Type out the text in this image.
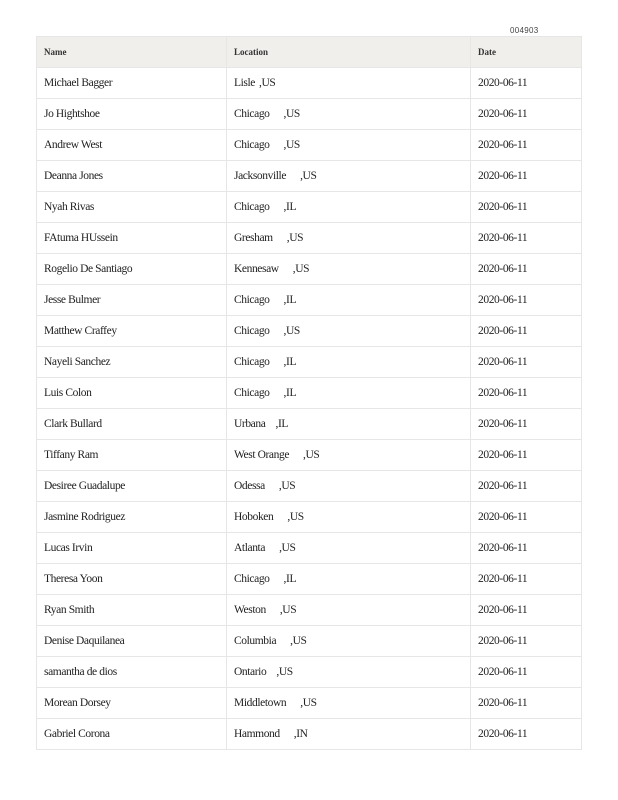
004903
Name	Location	Date
Michael Bagger	Lisle ,US	2020-06-11
Jo Hightshoe	Chicago ,US	2020-06-11
Andrew West	Chicago ,US	2020-06-11
Deanna Jones	Jacksonville ,US	2020-06-11
Nyah Rivas	Chicago ,IL	2020-06-11
FAtuma HUssein	Gresham ,US	2020-06-11
Rogelio De Santiago	Kennesaw ,US	2020-06-11
Jesse Bulmer	Chicago ,IL	2020-06-11
Matthew Craffey	Chicago ,US	2020-06-11
Nayeli Sanchez	Chicago ,IL	2020-06-11
Luis Colon	Chicago ,IL	2020-06-11
Clark Bullard	Urbana ,IL	2020-06-11
Tiffany Ram	West Orange ,US	2020-06-11
Desiree Guadalupe	Odessa ,US	2020-06-11
Jasmine Rodriguez	Hoboken ,US	2020-06-11
Lucas Irvin	Atlanta ,US	2020-06-11
Theresa Yoon	Chicago ,IL	2020-06-11
Ryan Smith	Weston ,US	2020-06-11
Denise Daquilanea	Columbia ,US	2020-06-11
samantha de dios	Ontario ,US	2020-06-11
Morean Dorsey	Middletown ,US	2020-06-11
Gabriel Corona	Hammond ,IN	2020-06-11
